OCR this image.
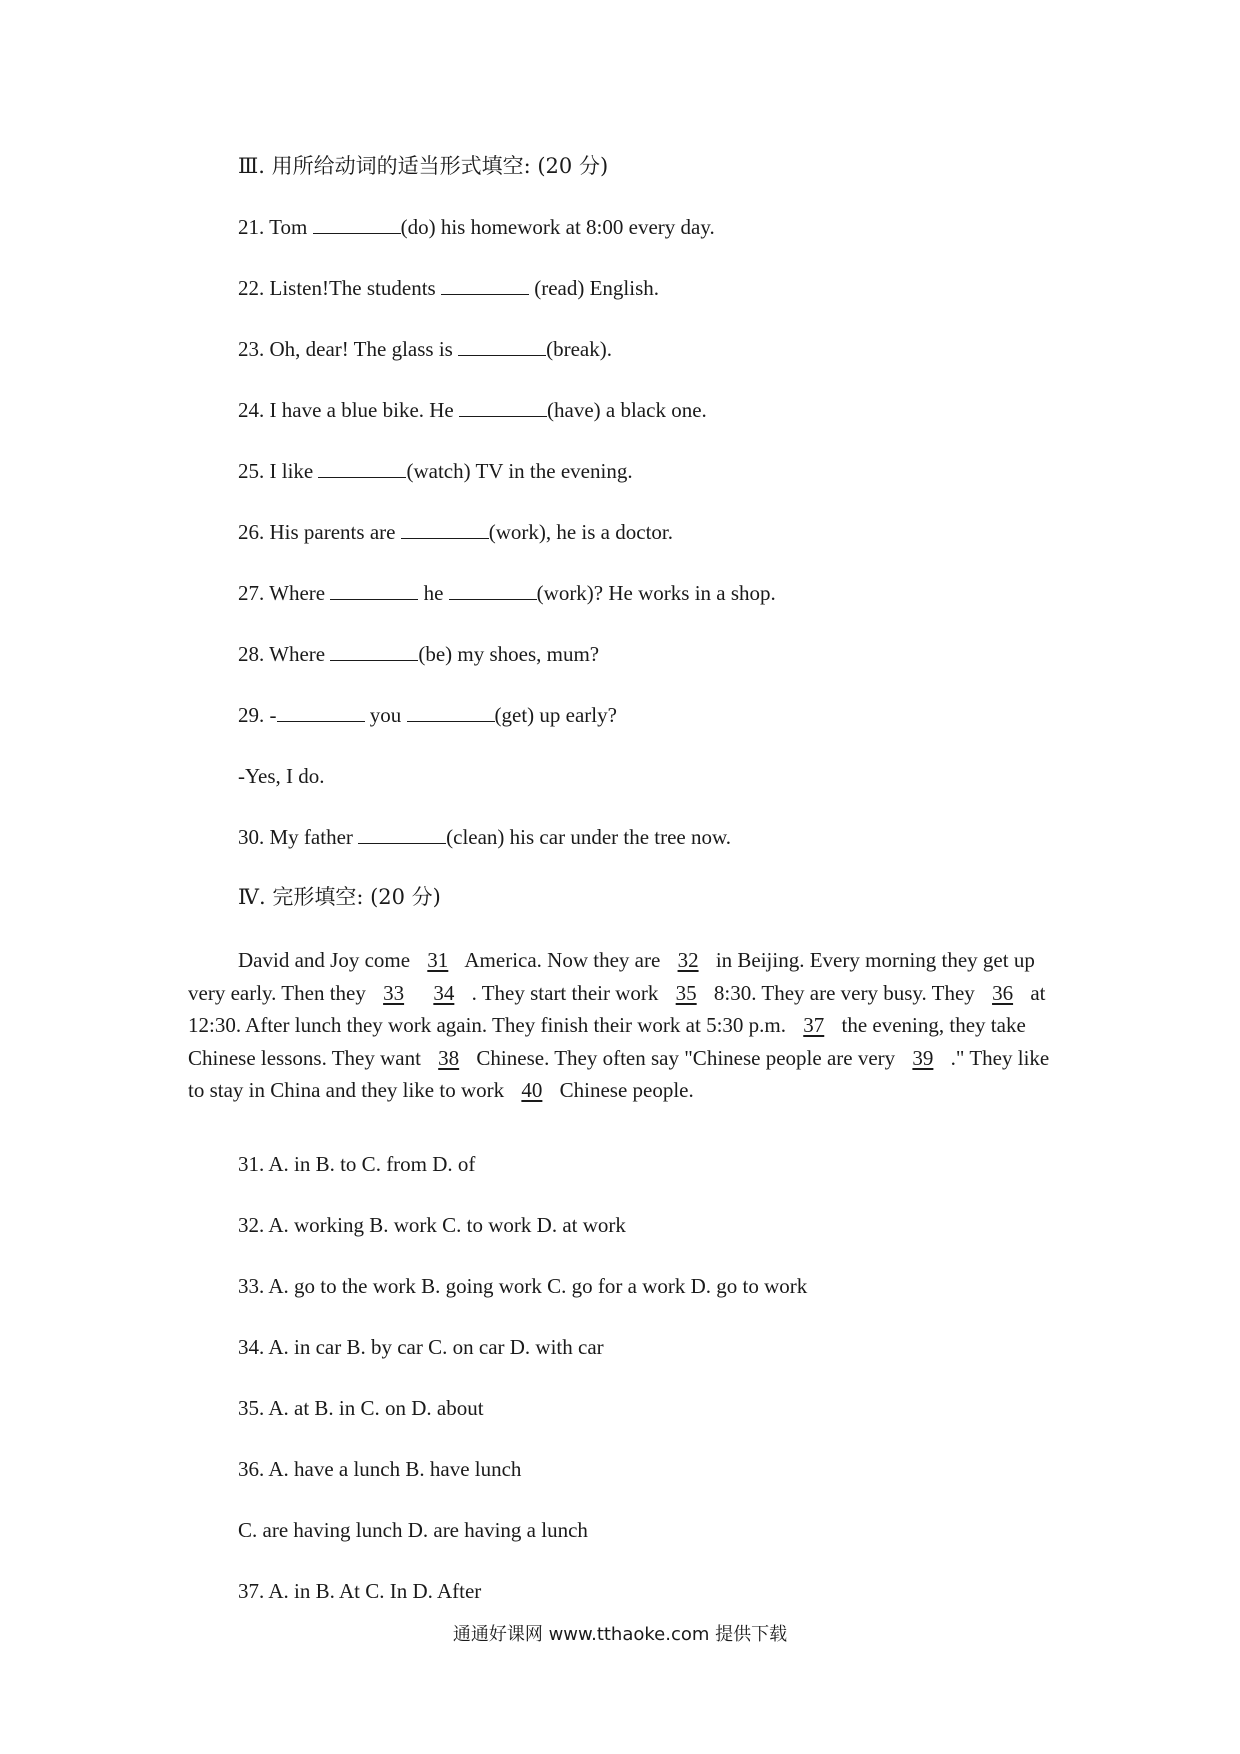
Ⅲ. 用所给动词的适当形式填空: (20 分)
21. Tom	(do) his homework at 8:00 every day.
22. Listen!The students	(read) English.
23. Oh, dear! The glass is	(break).
24. I have a blue bike. He	(have) a black one.
25. I like	(watch) TV in the evening.
26. His parents are	(work), he is a doctor.
27. Where	he	(work)? He works in a shop.
28. Where	(be) my shoes, mum?
29. -	you	(get) up early?
-Yes, I do.
30. My father	(clean) his car under the tree now.
Ⅳ. 完形填空: (20 分)
David and Joy come 31 America. Now they are 32 in Beijing. Every morning they get up very early. Then they 33 34 . They start their work 35 8:30. They are very busy. They 36 at 12:30. After lunch they work again. They finish their work at 5:30 p.m. 37 the evening, they take Chinese lessons. They want 38 Chinese. They often say "Chinese people are very 39 ." They like to stay in China and they like to work 40 Chinese people.
31. A. in B. to C. from D. of
32. A. working B. work C. to work D. at work
33. A. go to the work B. going work C. go for a work D. go to work
34. A. in car B. by car C. on car D. with car
35. A. at B. in C. on D. about
36. A. have a lunch B. have lunch
C. are having lunch D. are having a lunch
37. A. in B. At C. In D. After
通通好课网 www.tthaoke.com 提供下载
